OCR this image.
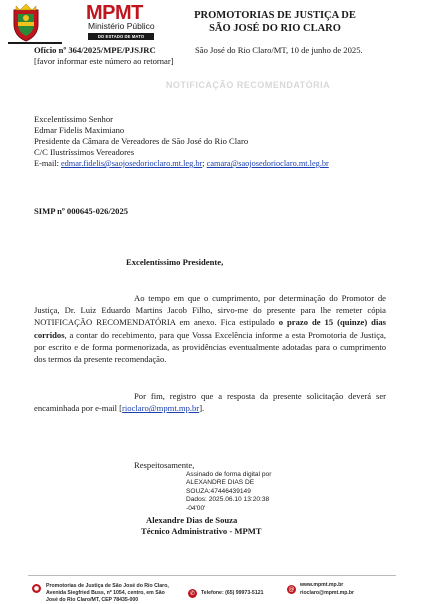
MPMT
Ministério Público
DO ESTADO DE MATO GROSSO
PROMOTORIAS DE JUSTIÇA DE
SÃO JOSÉ DO RIO CLARO
NOTIFICAÇÃO RECOMENDATÓRIA
Ofício nº 364/2025/MPE/PJSJRC	São José do Rio Claro/MT, 10 de junho de 2025.
[favor informar este número ao retornar]
Excelentíssimo Senhor
Edmar Fidelis Maximiano
Presidente da Câmara de Vereadores de São José do Rio Claro
C/C Ilustríssimos Vereadores
E-mail: edmar.fidelis@saojosedorioclaro.mt.leg.br; camara@saojosedorioclaro.mt.leg.br
SIMP nº 000645-026/2025
Excelentíssimo Presidente,
Ao tempo em que o cumprimento, por determinação do Promotor de Justiça, Dr. Luiz Eduardo Martins Jacob Filho, sirvo-me do presente para lhe remeter cópia NOTIFICAÇÃO RECOMENDATÓRIA em anexo. Fica estipulado o prazo de 15 (quinze) dias corridos, a contar do recebimento, para que Vossa Excelência informe a esta Promotoria de Justiça, por escrito e de forma pormenorizada, as providências eventualmente adotadas para o cumprimento dos termos da presente recomendação.
Por fim, registro que a resposta da presente solicitação deverá ser encaminhada por e-mail [rioclaro@mpmt.mp.br].
Respeitosamente,
Assinado de forma digital por
ALEXANDRE DIAS DE
SOUZA:47446439149
Dados: 2025.06.10 13:20:38
-04'00'
Alexandre Dias de Souza
Técnico Administrativo - MPMT
●	Promotorias de Justiça de São José do Rio Claro, Avenida Siegfried Buss, nº 1054, centro, em São José do Rio Claro/MT, CEP 78435-000
✆	Telefone: (65) 99973-5121	@
www.mpmt.mp.br
rioclaro@mpmt.mp.br
